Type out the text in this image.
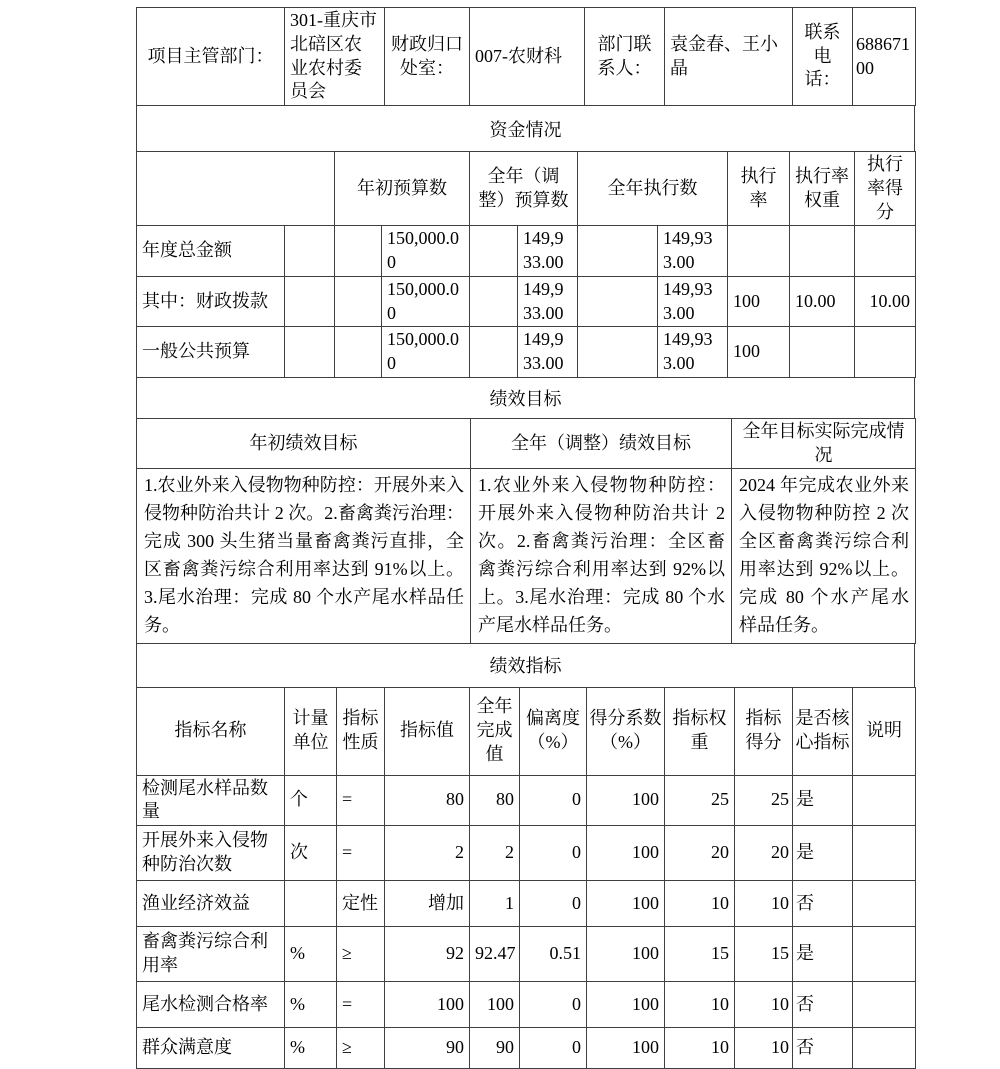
项目主管部门：	301-重庆市北碚区农业农村委员会	财政归口处室：	007-农财科	部门联系人：	袁金春、王小晶	联系电话：	68867100
资金情况
		年初预算数		全年（调整）预算数		全年执行数		执行率	执行率权重	执行率得分
年度总金额			150,000.00		149,933.00		149,933.00			
其中：财政拨款			150,000.00		149,933.00		149,933.00	100	10.00	10.00
一般公共预算			150,000.00		149,933.00		149,933.00	100		
绩效目标
年初绩效目标	全年（调整）绩效目标	全年目标实际完成情况
1.农业外来入侵物物种防控：开展外来入侵物种防治共计 2 次。2.畜禽粪污治理：完成 300 头生猪当量畜禽粪污直排，全区畜禽粪污综合利用率达到 91%以上。3.尾水治理：完成 80 个水产尾水样品任务。	1.农业外来入侵物物种防控：开展外来入侵物种防治共计 2 次。2.畜禽粪污治理：全区畜禽粪污综合利用率达到 92%以上。3.尾水治理：完成 80 个水产尾水样品任务。	2024 年完成农业外来入侵物物种防控 2 次全区畜禽粪污综合利用率达到 92%以上。完成 80 个水产尾水样品任务。
绩效指标
指标名称	计量单位	指标性质	指标值	全年完成值	偏离度（%）	得分系数（%）	指标权重	指标得分	是否核心指标	说明
检测尾水样品数量	个	=	80	80	0	100	25	25	是	
开展外来入侵物种防治次数	次	=	2	2	0	100	20	20	是	
渔业经济效益		定性	增加	1	0	100	10	10	否	
畜禽粪污综合利用率	%	≥	92	92.47	0.51	100	15	15	是	
尾水检测合格率	%	=	100	100	0	100	10	10	否	
群众满意度	%	≥	90	90	0	100	10	10	否	
